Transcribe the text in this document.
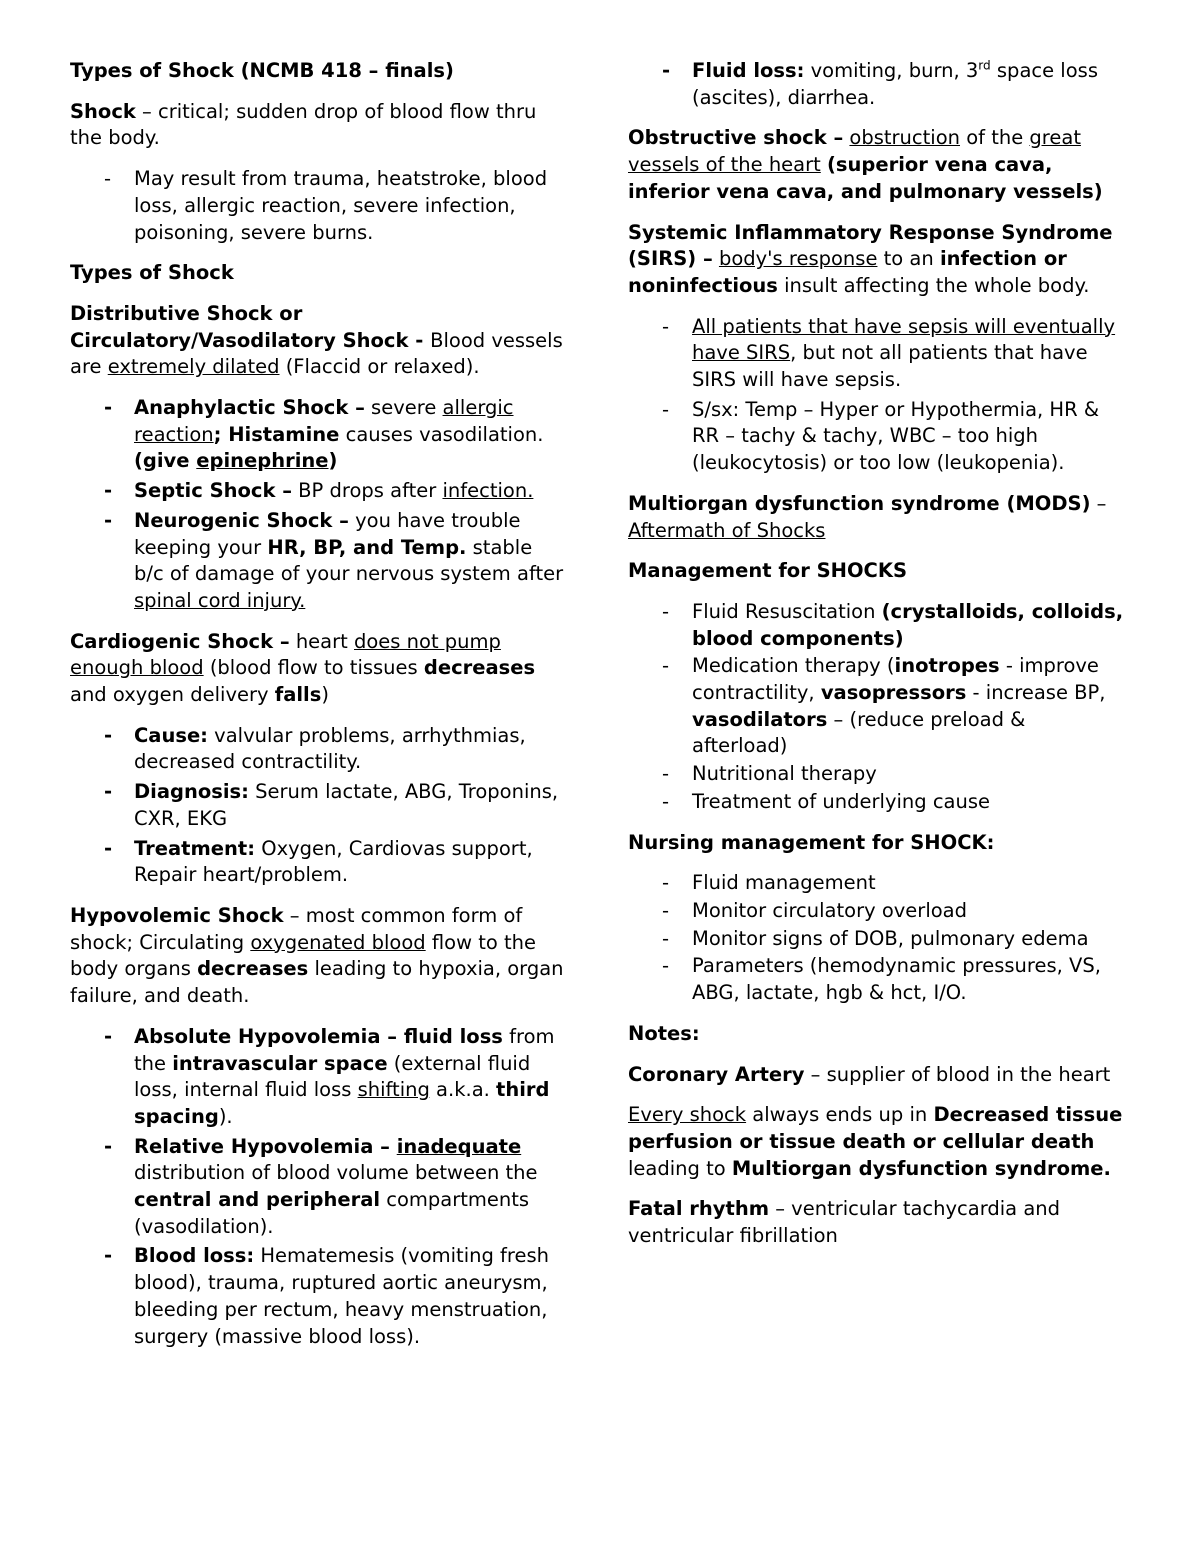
Types of Shock (NCMB 418 – finals)

Shock – critical; sudden drop of blood flow thru the body.

- May result from trauma, heatstroke, blood loss, allergic reaction, severe infection, poisoning, severe burns.

Types of Shock

Distributive Shock or Circulatory/Vasodilatory Shock - Blood vessels are extremely dilated (Flaccid or relaxed).

- Anaphylactic Shock – severe allergic reaction; Histamine causes vasodilation. (give epinephrine)
- Septic Shock – BP drops after infection.
- Neurogenic Shock – you have trouble keeping your HR, BP, and Temp. stable b/c of damage of your nervous system after spinal cord injury.

Cardiogenic Shock – heart does not pump enough blood (blood flow to tissues decreases and oxygen delivery falls)

- Cause: valvular problems, arrhythmias, decreased contractility.
- Diagnosis: Serum lactate, ABG, Troponins, CXR, EKG
- Treatment: Oxygen, Cardiovas support, Repair heart/problem.

Hypovolemic Shock – most common form of shock; Circulating oxygenated blood flow to the body organs decreases leading to hypoxia, organ failure, and death.

- Absolute Hypovolemia – fluid loss from the intravascular space (external fluid loss, internal fluid loss shifting a.k.a. third spacing).
- Relative Hypovolemia – inadequate distribution of blood volume between the central and peripheral compartments (vasodilation).
- Blood loss: Hematemesis (vomiting fresh blood), trauma, ruptured aortic aneurysm, bleeding per rectum, heavy menstruation, surgery (massive blood loss).
- Fluid loss: vomiting, burn, 3rd space loss (ascites), diarrhea.

Obstructive shock – obstruction of the great vessels of the heart (superior vena cava, inferior vena cava, and pulmonary vessels)

Systemic Inflammatory Response Syndrome (SIRS) – body's response to an infection or noninfectious insult affecting the whole body.

- All patients that have sepsis will eventually have SIRS, but not all patients that have SIRS will have sepsis.
- S/sx: Temp – Hyper or Hypothermia, HR & RR – tachy & tachy, WBC – too high (leukocytosis) or too low (leukopenia).

Multiorgan dysfunction syndrome (MODS) – Aftermath of Shocks

Management for SHOCKS

- Fluid Resuscitation (crystalloids, colloids, blood components)
- Medication therapy (inotropes - improve contractility, vasopressors - increase BP, vasodilators – (reduce preload & afterload)
- Nutritional therapy
- Treatment of underlying cause

Nursing management for SHOCK:

- Fluid management
- Monitor circulatory overload
- Monitor signs of DOB, pulmonary edema
- Parameters (hemodynamic pressures, VS, ABG, lactate, hgb & hct, I/O.

Notes:

Coronary Artery – supplier of blood in the heart

Every shock always ends up in Decreased tissue perfusion or tissue death or cellular death leading to Multiorgan dysfunction syndrome.

Fatal rhythm – ventricular tachycardia and ventricular fibrillation
